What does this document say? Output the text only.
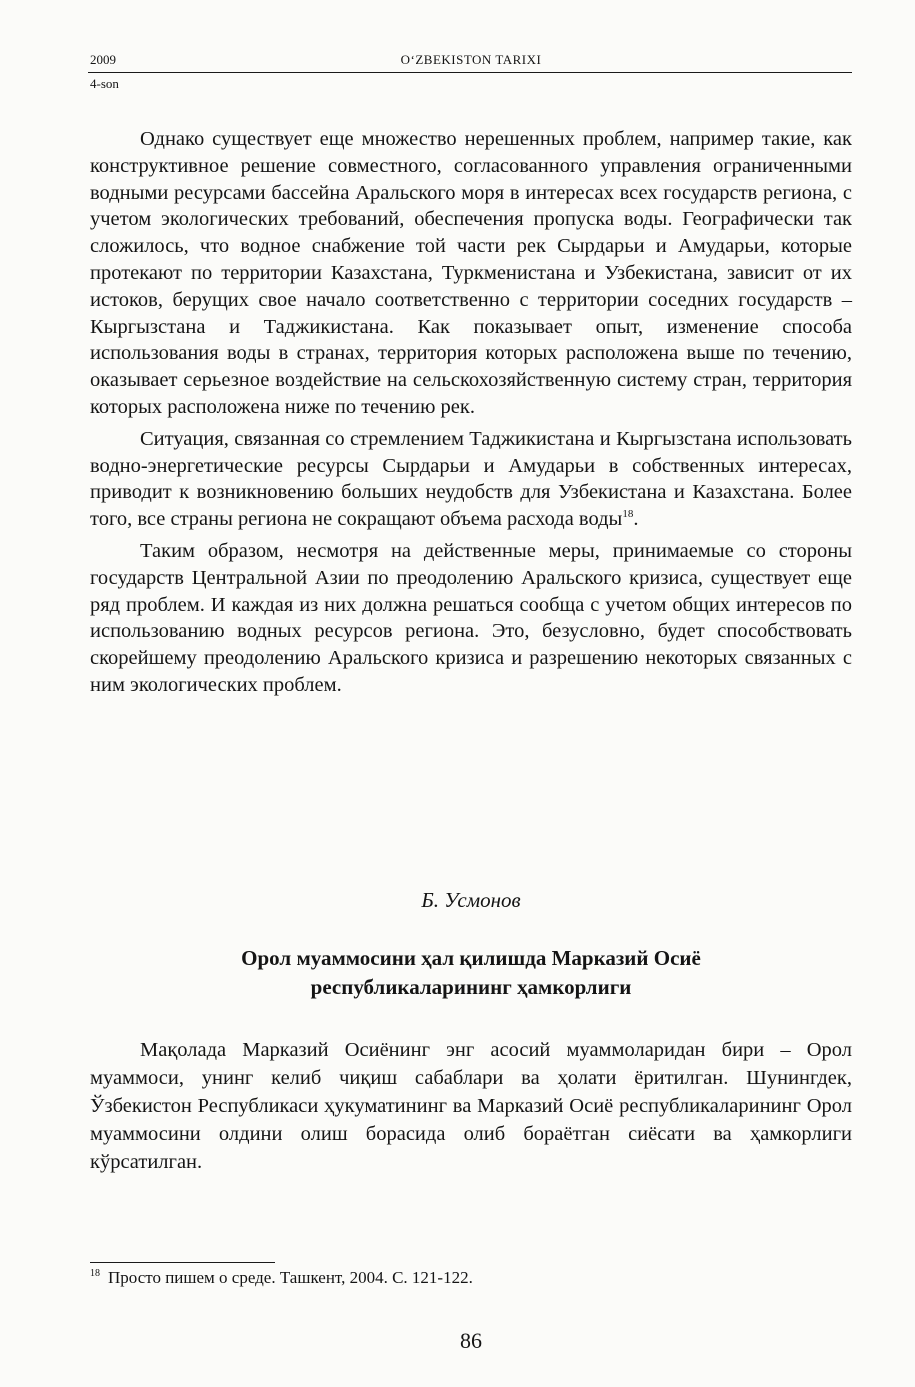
2009	O‘ZBEKISTON TARIXI
4-son

Однако существует еще множество нерешенных проблем, например такие, как конструктивное решение совместного, согласованного управления ограниченными водными ресурсами бассейна Аральского моря в интересах всех государств региона, с учетом экологических требований, обеспечения пропуска воды. Географически так сложилось, что водное снабжение той части рек Сырдарьи и Амударьи, которые протекают по территории Казахстана, Туркменистана и Узбекистана, зависит от их истоков, берущих свое начало соответственно с территории соседних государств – Кыргызстана и Таджикистана. Как показывает опыт, изменение способа использования воды в странах, территория которых расположена выше по течению, оказывает серьезное воздействие на сельскохозяйственную систему стран, территория которых расположена ниже по течению рек.

Ситуация, связанная со стремлением Таджикистана и Кыргызстана использовать водно-энергетические ресурсы Сырдарьи и Амударьи в собственных интересах, приводит к возникновению больших неудобств для Узбекистана и Казахстана. Более того, все страны региона не сокращают объема расхода воды$^{18}$.

Таким образом, несмотря на действенные меры, принимаемые со стороны государств Центральной Азии по преодолению Аральского кризиса, существует еще ряд проблем. И каждая из них должна решаться сообща с учетом общих интересов по использованию водных ресурсов региона. Это, безусловно, будет способствовать скорейшему преодолению Аральского кризиса и разрешению некоторых связанных с ним экологических проблем.

Б. Усмонов
Орол муаммосини ҳал қилишда Марказий Осиё
республикаларининг ҳамкорлиги

Мақолада Марказий Осиёнинг энг асосий муаммоларидан бири – Орол муаммоси, унинг келиб чиқиш сабаблари ва ҳолати ёритилган. Шунингдек, Ўзбекистон Республикаси ҳукуматининг ва Марказий Осиё республикаларининг Орол муаммосини олдини олиш борасида олиб бораётган сиёсати ва ҳамкорлиги кўрсатилган.

$^{18}$ Просто пишем о среде. Ташкент, 2004. С. 121-122.
86
